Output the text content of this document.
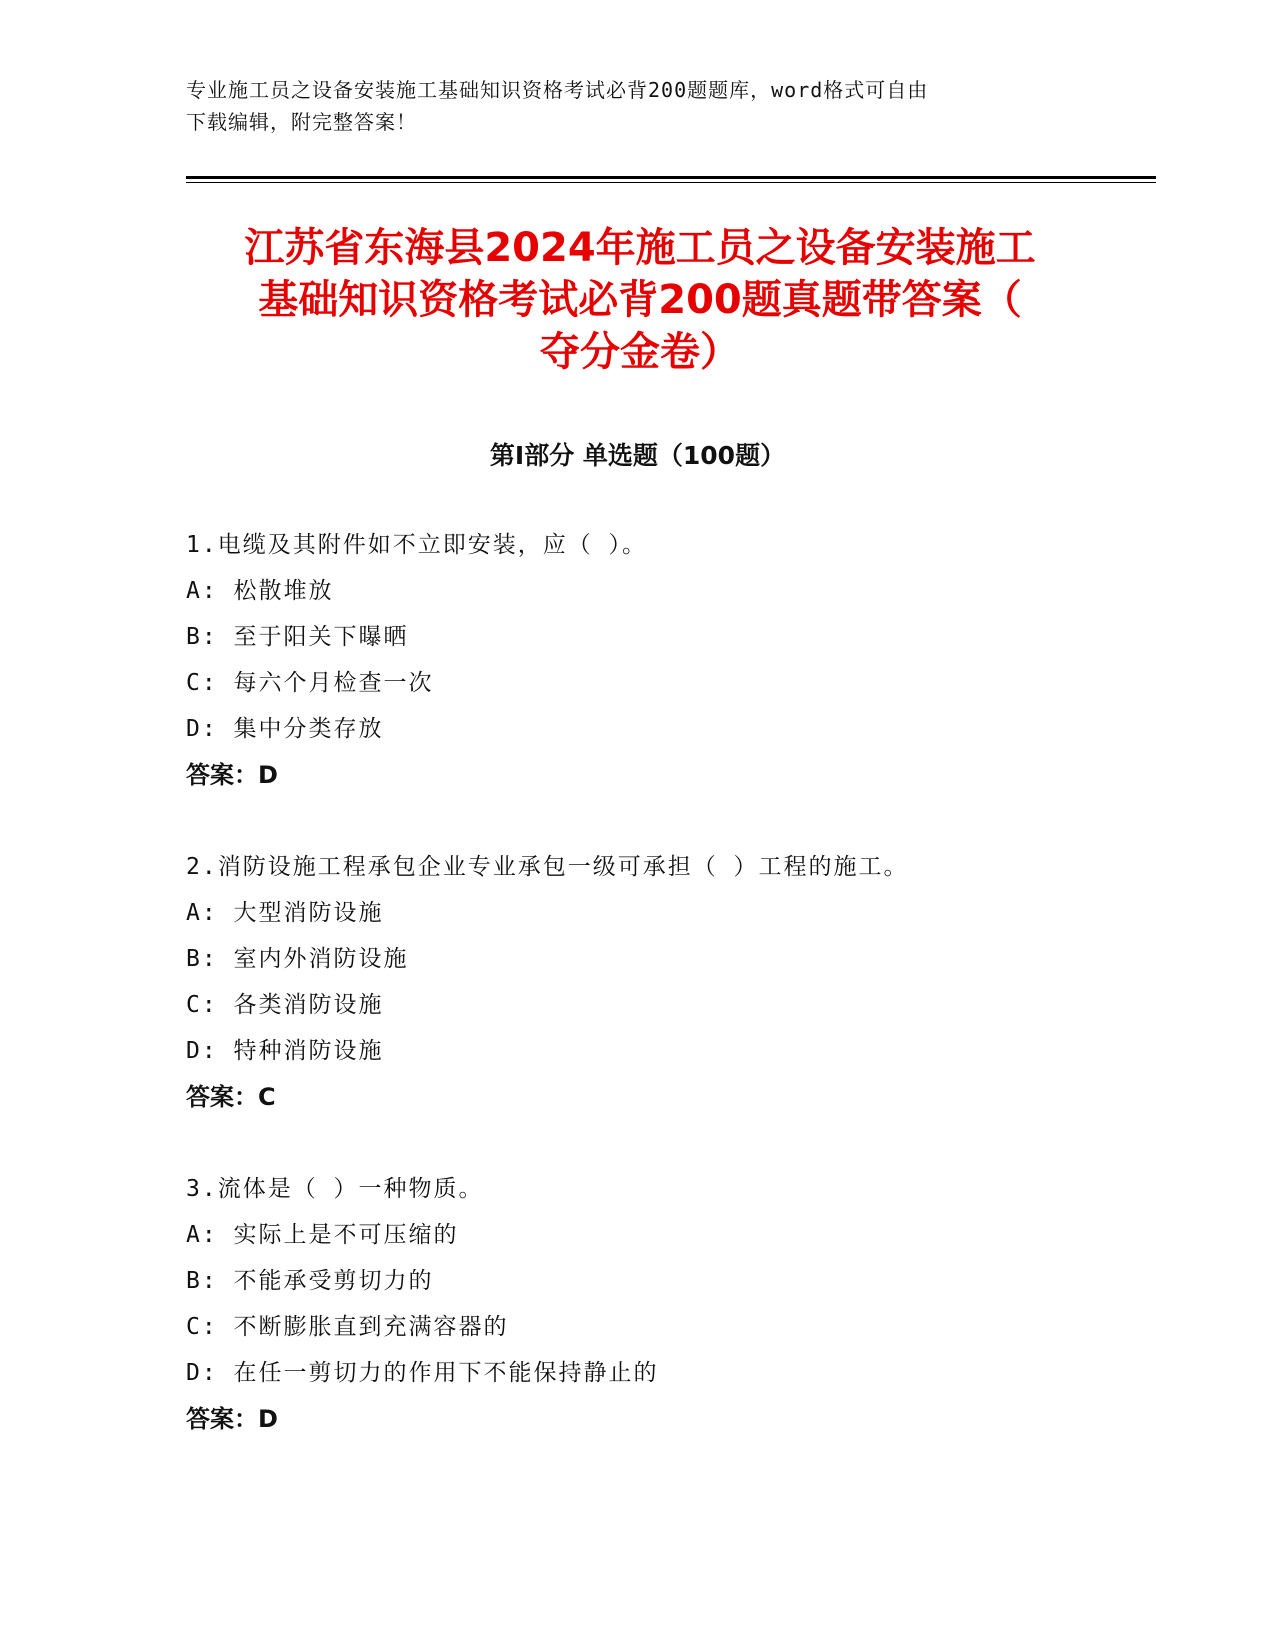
专业施工员之设备安装施工基础知识资格考试必背200题题库，word格式可自由
下载编辑，附完整答案！
江苏省东海县2024年施工员之设备安装施工
基础知识资格考试必背200题真题带答案（
夺分金卷）
第Ⅰ部分 单选题（100题）
1.电缆及其附件如不立即安装，应（ ）。
A: 松散堆放
B: 至于阳关下曝晒
C: 每六个月检查一次
D: 集中分类存放
答案：D
2.消防设施工程承包企业专业承包一级可承担（ ）工程的施工。
A: 大型消防设施
B: 室内外消防设施
C: 各类消防设施
D: 特种消防设施
答案：C
3.流体是（ ）一种物质。
A: 实际上是不可压缩的
B: 不能承受剪切力的
C: 不断膨胀直到充满容器的
D: 在任一剪切力的作用下不能保持静止的
答案：D
